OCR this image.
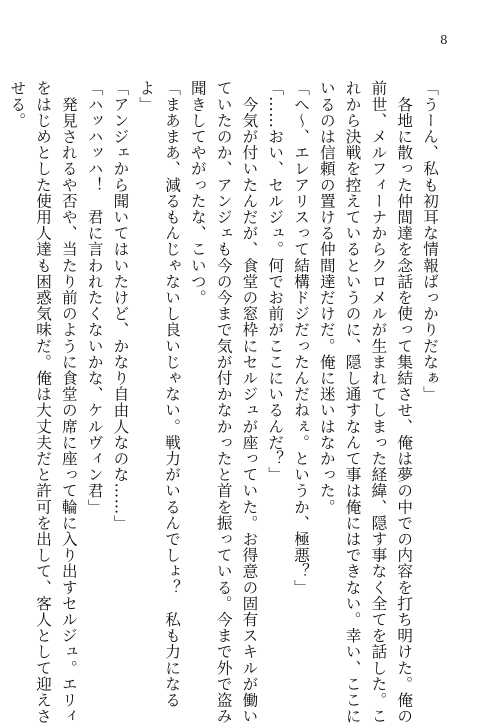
8
「うーん、私も初耳な情報ばっかりだなぁ」
　各地に散った仲間達を念話を使って集結させ、俺は夢の中での内容を打ち明けた。俺の
前世、メルフィーナからクロメルが生まれてしまった経緯、隠す事なく全てを話した。こ
れから決戦を控えているというのに、隠し通すなんて事は俺にはできない。幸い、ここに
いるのは信頼の置ける仲間達だけだ。俺に迷いはなかった。
「へ～、エレアリスって結構ドジだったんだねぇ。というか、極悪？」
「……おい、セルジュ。何でお前がここにいるんだ？」
　今気が付いたんだが、食堂の窓枠にセルジュが座っていた。お得意の固有スキルが働い
ていたのか、アンジェも今の今まで気が付かなかったと首を振っている。今まで外で盗み
聞きしてやがったな、こいつ。
「まあまあ、減るもんじゃないし良いじゃない。戦力がいるんでしょ？　私も力になる
よ」
「アンジェから聞いてはいたけど、かなり自由人なのな……」
「ハッハッハ！　君に言われたくないかな、ケルヴィン君」
　発見されるや否や、当たり前のように食堂の席に座って輪に入り出すセルジュ。エリィ
をはじめとした使用人達も困惑気味だ。俺は大丈夫だと許可を出して、客人として迎えさ
せる。
